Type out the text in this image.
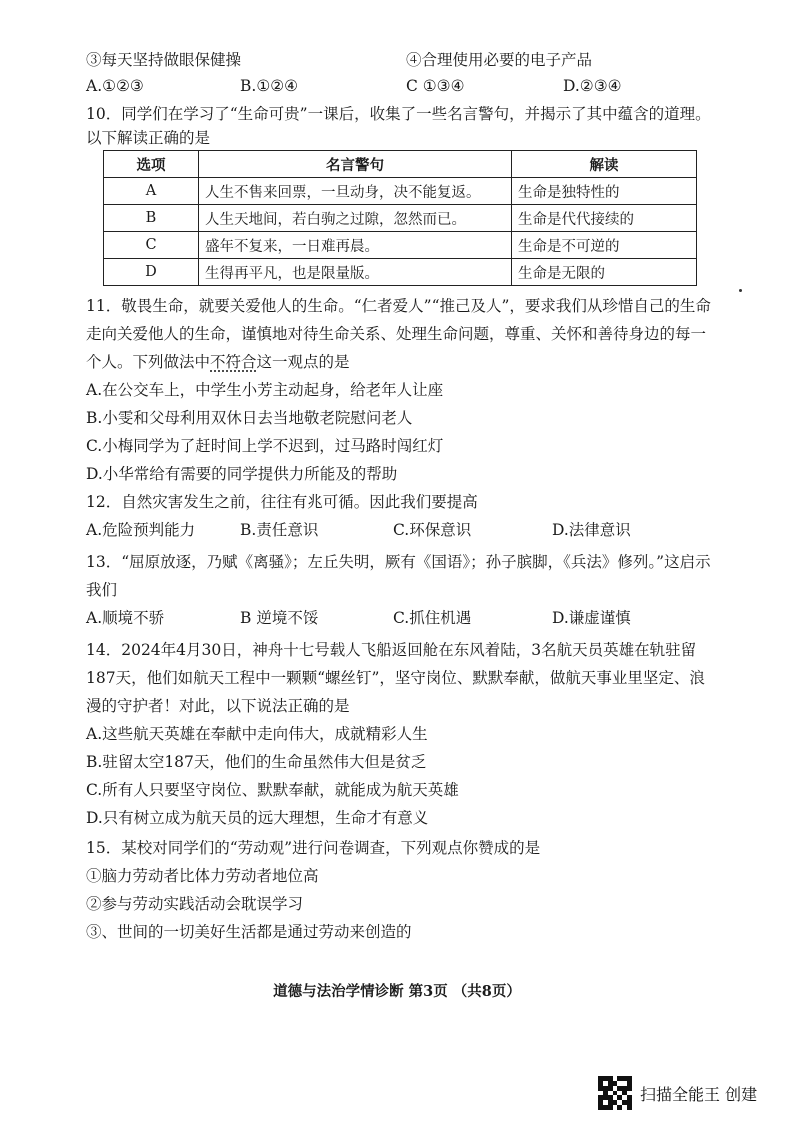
③每天坚持做眼保健操	④合理使用必要的电子产品
A.①②③	B.①②④	C ①③④	D.②③④
10．同学们在学习了“生命可贵”一课后，收集了一些名言警句，并揭示了其中蕴含的道理。
以下解读正确的是
选项	名言警句	解读
A	人生不售来回票，一旦动身，决不能复返。	生命是独特性的
B	人生天地间，若白驹之过隙，忽然而已。	生命是代代接续的
C	盛年不复来，一日难再晨。	生命是不可逆的
D	生得再平凡，也是限量版。	生命是无限的
11．敬畏生命，就要关爱他人的生命。“仁者爱人”“推己及人”，要求我们从珍惜自己的生命
走向关爱他人的生命，谨慎地对待生命关系、处理生命问题，尊重、关怀和善待身边的每一
个人。下列做法中不符合这一观点的是
A.在公交车上，中学生小芳主动起身，给老年人让座
B.小雯和父母利用双休日去当地敬老院慰问老人
C.小梅同学为了赶时间上学不迟到，过马路时闯红灯
D.小华常给有需要的同学提供力所能及的帮助
12．自然灾害发生之前，往往有兆可循。因此我们要提高
A.危险预判能力	B.责任意识	C.环保意识	D.法律意识
13．“屈原放逐，乃赋《离骚》；左丘失明，厥有《国语》；孙子膑脚，《兵法》修列。”这启示
我们
A.顺境不骄	B 逆境不馁	C.抓住机遇	D.谦虚谨慎
14．2024年4月30日，神舟十七号载人飞船返回舱在东风着陆，3名航天员英雄在轨驻留
187天，他们如航天工程中一颗颗“螺丝钉”，坚守岗位、默默奉献，做航天事业里坚定、浪
漫的守护者！对此，以下说法正确的是
A.这些航天英雄在奉献中走向伟大，成就精彩人生
B.驻留太空187天，他们的生命虽然伟大但是贫乏
C.所有人只要坚守岗位、默默奉献，就能成为航天英雄
D.只有树立成为航天员的远大理想，生命才有意义
15．某校对同学们的“劳动观”进行问卷调查，下列观点你赞成的是
①脑力劳动者比体力劳动者地位高
②参与劳动实践活动会耽误学习
③、世间的一切美好生活都是通过劳动来创造的
道德与法治学情诊断 第3页 （共8页）
扫描全能王 创建
